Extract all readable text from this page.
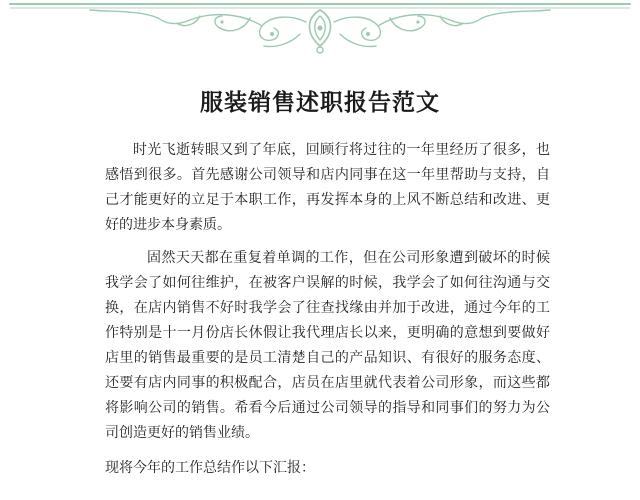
服装销售述职报告范文

时光飞逝转眼又到了年底，回顾行将过往的一年里经历了很多，也感悟到很多。首先感谢公司领导和店内同事在这一年里帮助与支持，自己才能更好的立足于本职工作，再发挥本身的上风不断总结和改进、更好的进步本身素质。

固然天天都在重复着单调的工作，但在公司形象遭到破坏的时候我学会了如何往维护，在被客户误解的时候，我学会了如何往沟通与交换，在店内销售不好时我学会了往查找缘由并加于改进，通过今年的工作特别是十一月份店长休假让我代理店长以来，更明确的意想到要做好店里的销售最重要的是员工清楚自己的产品知识、有很好的服务态度、还要有店内同事的积极配合，店员在店里就代表着公司形象，而这些都将影响公司的销售。希看今后通过公司领导的指导和同事们的努力为公司创造更好的销售业绩。

现将今年的工作总结作以下汇报：
